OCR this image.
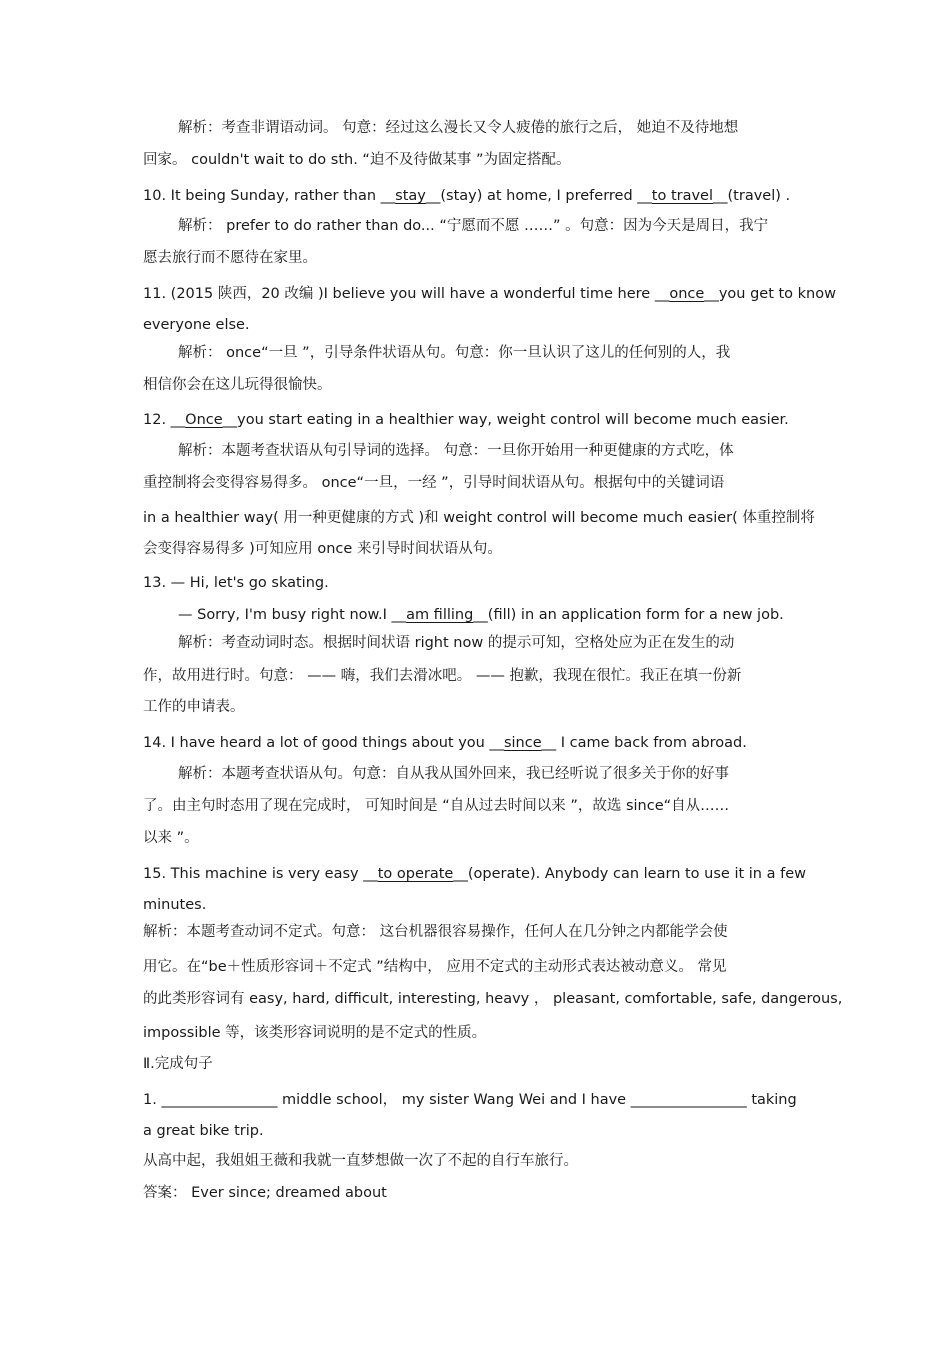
解析：考查非谓语动词。 句意：经过这么漫长又令人疲倦的旅行之后， 她迫不及待地想
回家。 couldn't wait to do sth. “迫不及待做某事 ”为固定搭配。
10. It being Sunday, rather than __stay__(stay) at home, I preferred __to travel__(travel) .
解析： prefer to do rather than do... “宁愿而不愿 ……” 。句意：因为今天是周日，我宁
愿去旅行而不愿待在家里。
11. (2015 陕西，20 改编 )I believe you will have a wonderful time here __once__you get to know
everyone else.
解析： once“一旦 ”，引导条件状语从句。句意：你一旦认识了这儿的任何别的人，我
相信你会在这儿玩得很愉快。
12. __Once__you start eating in a healthier way, weight control will become much easier.
解析：本题考查状语从句引导词的选择。 句意：一旦你开始用一种更健康的方式吃，体
重控制将会变得容易得多。 once“一旦，一经 ”，引导时间状语从句。根据句中的关键词语
in a healthier way( 用一种更健康的方式 )和 weight control will become much easier( 体重控制将
会变得容易得多 )可知应用 once 来引导时间状语从句。
13. — Hi, let's go skating.
— Sorry, I'm busy right now.I __am filling__(fill) in an application form for a new job.
解析：考查动词时态。根据时间状语 right now 的提示可知，空格处应为正在发生的动
作，故用进行时。句意： —— 嗨，我们去滑冰吧。 —— 抱歉，我现在很忙。我正在填一份新
工作的申请表。
14. I have heard a lot of good things about you __since__ I came back from abroad.
解析：本题考查状语从句。句意：自从我从国外回来，我已经听说了很多关于你的好事
了。由主句时态用了现在完成时， 可知时间是 “自从过去时间以来 ”，故选 since“自从……
以来 ”。
15. This machine is very easy __to operate__(operate). Anybody can learn to use it in a few
minutes.
解析：本题考查动词不定式。句意： 这台机器很容易操作，任何人在几分钟之内都能学会使
用它。在“be＋性质形容词＋不定式 ”结构中， 应用不定式的主动形式表达被动意义。 常见
的此类形容词有 easy, hard, difficult, interesting, heavy ， pleasant, comfortable, safe, dangerous,
impossible 等，该类形容词说明的是不定式的性质。
Ⅱ.完成句子
1. ________________ middle school， my sister Wang Wei and I have ________________ taking
a great bike trip.
从高中起，我姐姐王薇和我就一直梦想做一次了不起的自行车旅行。
答案： Ever since; dreamed about
